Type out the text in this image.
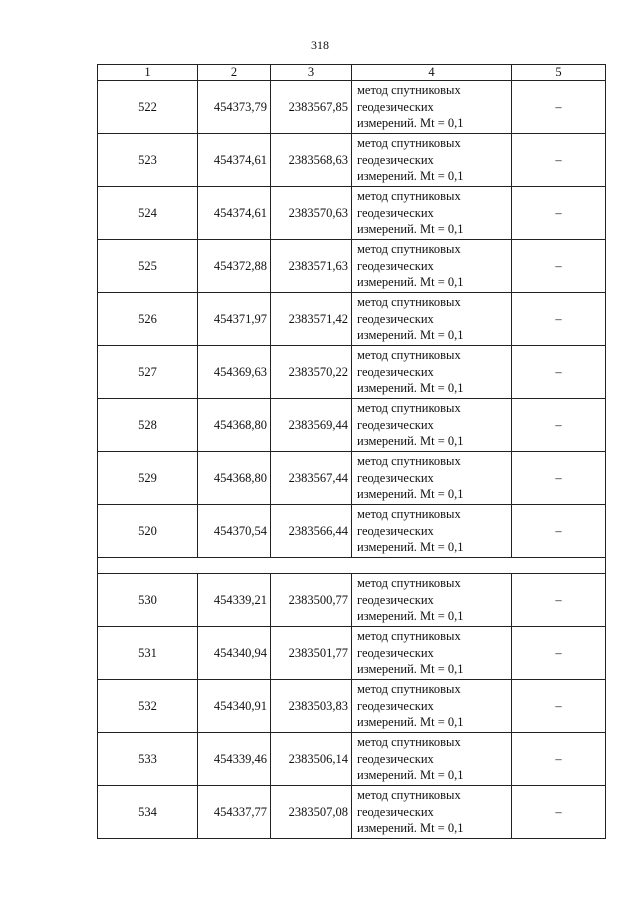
318
1	2	3	4	5
522	454373,79	2383567,85	метод спутниковых
геодезических
измерений. Mt = 0,1	–
523	454374,61	2383568,63	метод спутниковых
геодезических
измерений. Mt = 0,1	–
524	454374,61	2383570,63	метод спутниковых
геодезических
измерений. Mt = 0,1	–
525	454372,88	2383571,63	метод спутниковых
геодезических
измерений. Mt = 0,1	–
526	454371,97	2383571,42	метод спутниковых
геодезических
измерений. Mt = 0,1	–
527	454369,63	2383570,22	метод спутниковых
геодезических
измерений. Mt = 0,1	–
528	454368,80	2383569,44	метод спутниковых
геодезических
измерений. Mt = 0,1	–
529	454368,80	2383567,44	метод спутниковых
геодезических
измерений. Mt = 0,1	–
520	454370,54	2383566,44	метод спутниковых
геодезических
измерений. Mt = 0,1	–

530	454339,21	2383500,77	метод спутниковых
геодезических
измерений. Mt = 0,1	–
531	454340,94	2383501,77	метод спутниковых
геодезических
измерений. Mt = 0,1	–
532	454340,91	2383503,83	метод спутниковых
геодезических
измерений. Mt = 0,1	–
533	454339,46	2383506,14	метод спутниковых
геодезических
измерений. Mt = 0,1	–
534	454337,77	2383507,08	метод спутниковых
геодезических
измерений. Mt = 0,1	–
